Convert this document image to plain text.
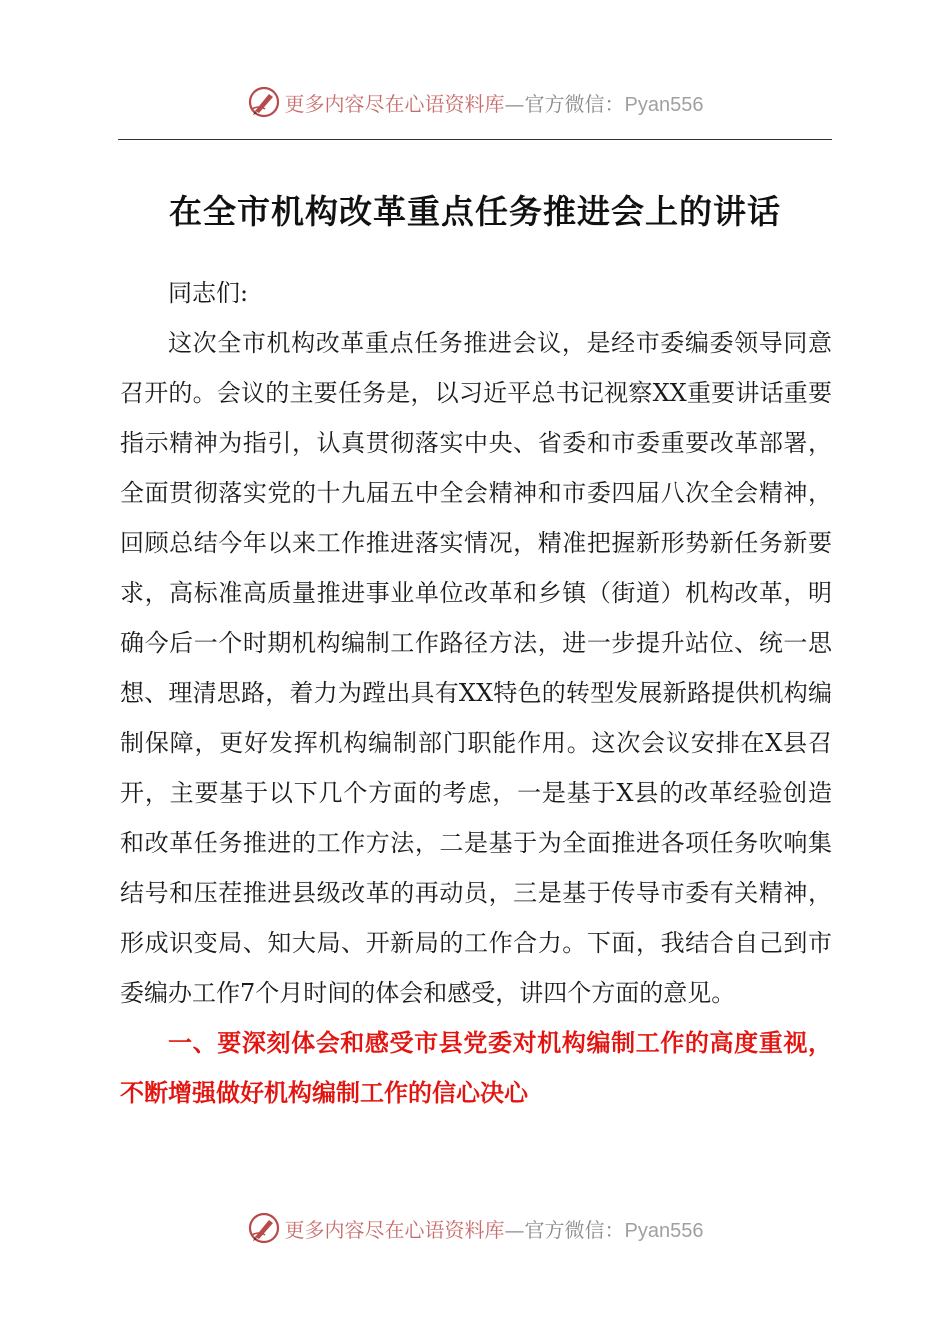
更多内容尽在心语资料库—官方微信：Pyan556
在全市机构改革重点任务推进会上的讲话

同志们:

这次全市机构改革重点任务推进会议，是经市委编委领导同意召开的。会议的主要任务是，以习近平总书记视察XX重要讲话重要指示精神为指引，认真贯彻落实中央、省委和市委重要改革部署，全面贯彻落实党的十九届五中全会精神和市委四届八次全会精神，回顾总结今年以来工作推进落实情况，精准把握新形势新任务新要求，高标准高质量推进事业单位改革和乡镇（街道）机构改革，明确今后一个时期机构编制工作路径方法，进一步提升站位、统一思想、理清思路，着力为蹚出具有XX特色的转型发展新路提供机构编制保障，更好发挥机构编制部门职能作用。这次会议安排在X县召开，主要基于以下几个方面的考虑，一是基于X县的改革经验创造和改革任务推进的工作方法，二是基于为全面推进各项任务吹响集结号和压茬推进县级改革的再动员，三是基于传导市委有关精神，形成识变局、知大局、开新局的工作合力。下面，我结合自己到市委编办工作7个月时间的体会和感受，讲四个方面的意见。

一、要深刻体会和感受市县党委对机构编制工作的高度重视，不断增强做好机构编制工作的信心决心

更多内容尽在心语资料库—官方微信：Pyan556
